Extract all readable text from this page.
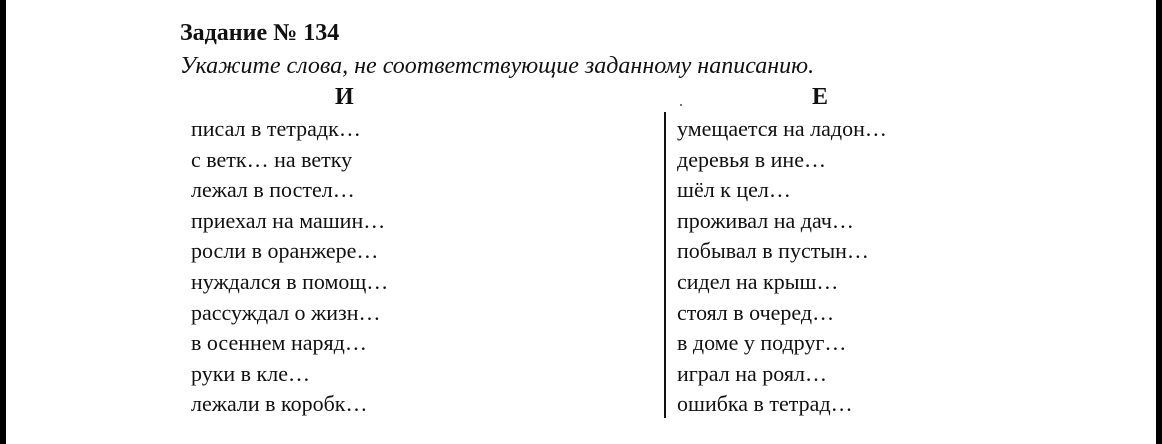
Задание № 134
Укажите слова, не соответствующие заданному написанию.
И	Е
писал в тетрадк…
с ветк… на ветку
лежал в постел…
приехал на машин…
росли в оранжере…
нуждался в помощ…
рассуждал о жизн…
в осеннем наряд…
руки в кле…
лежали в коробк…
умещается на ладон…
деревья в ине…
шёл к цел…
проживал на дач…
побывал в пустын…
сидел на крыш…
стоял в очеред…
в доме у подруг…
играл на роял…
ошибка в тетрад…
